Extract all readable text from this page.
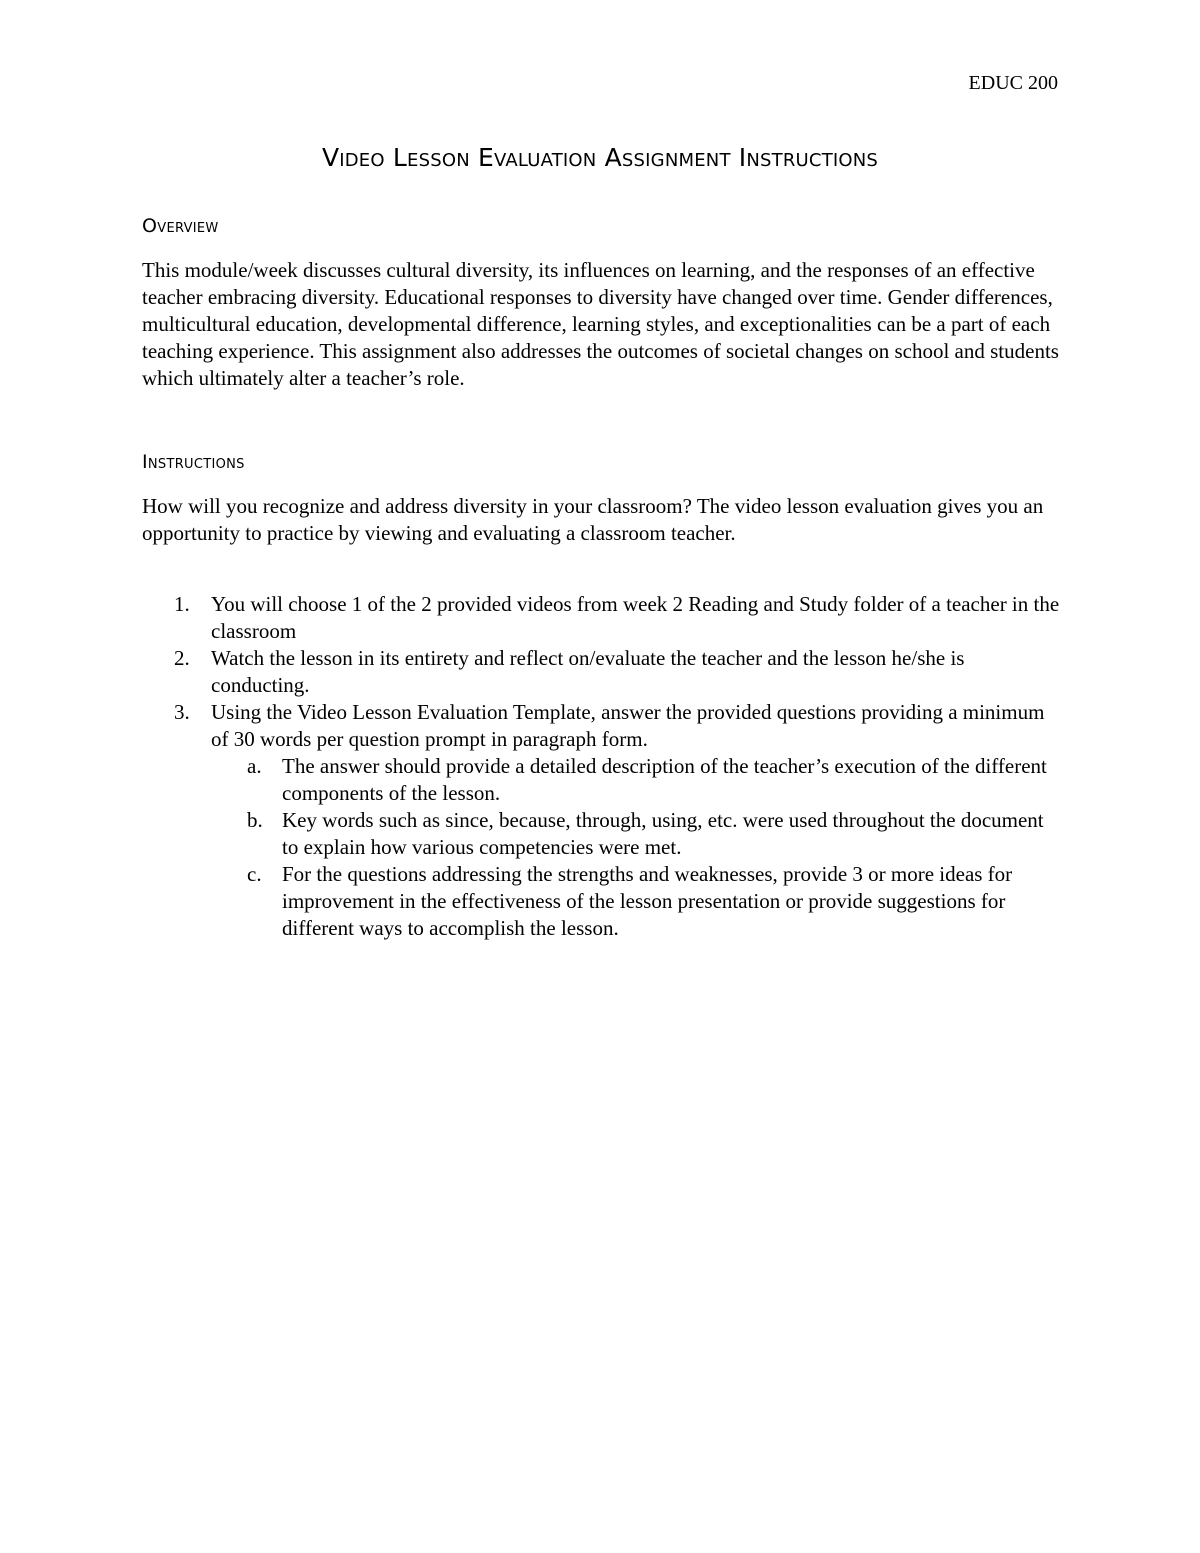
EDUC 200
Video Lesson Evaluation Assignment Instructions
Overview

This module/week discusses cultural diversity, its influences on learning, and the responses of an effective teacher embracing diversity. Educational responses to diversity have changed over time. Gender differences, multicultural education, developmental difference, learning styles, and exceptionalities can be a part of each teaching experience. This assignment also addresses the outcomes of societal changes on school and students which ultimately alter a teacher’s role.

Instructions

How will you recognize and address diversity in your classroom? The video lesson evaluation gives you an opportunity to practice by viewing and evaluating a classroom teacher.

1. You will choose 1 of the 2 provided videos from week 2 Reading and Study folder of a teacher in the classroom
2. Watch the lesson in its entirety and reflect on/evaluate the teacher and the lesson he/she is conducting.
3. Using the Video Lesson Evaluation Template, answer the provided questions providing a minimum of 30 words per question prompt in paragraph form.
a. The answer should provide a detailed description of the teacher’s execution of the different components of the lesson.
b. Key words such as since, because, through, using, etc. were used throughout the document to explain how various competencies were met.
c. For the questions addressing the strengths and weaknesses, provide 3 or more ideas for improvement in the effectiveness of the lesson presentation or provide suggestions for different ways to accomplish the lesson.
